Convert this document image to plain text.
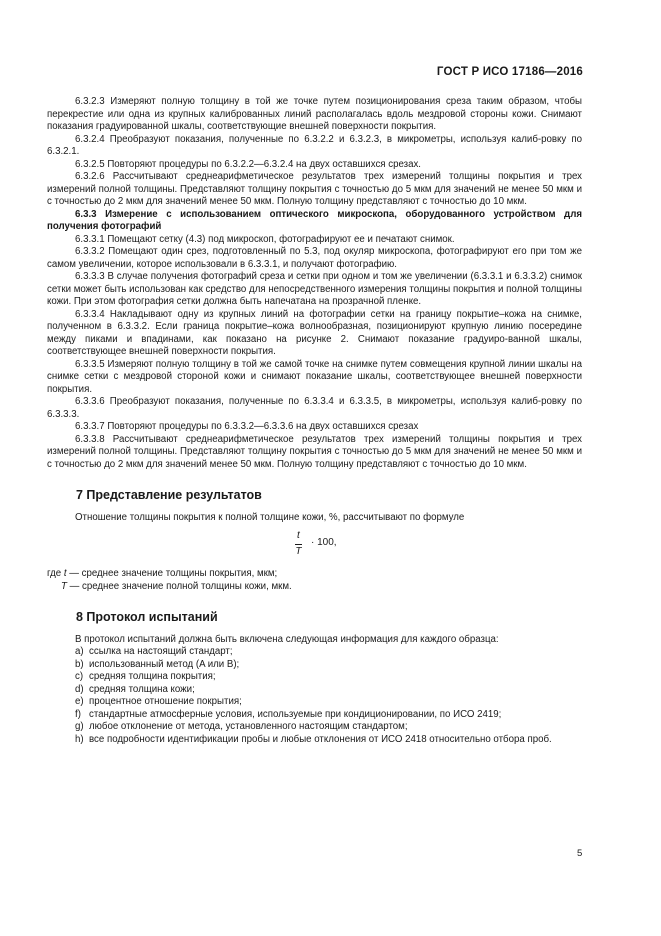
ГОСТ Р ИСО 17186—2016

6.3.2.3 Измеряют полную толщину в той же точке путем позиционирования среза таким образом, чтобы перекрестие или одна из крупных калиброванных линий располагалась вдоль мездровой стороны кожи. Снимают показания градуированной шкалы, соответствующие внешней поверхности покрытия.

6.3.2.4 Преобразуют показания, полученные по 6.3.2.2 и 6.3.2.3, в микрометры, используя калиб-ровку по 6.3.2.1.

6.3.2.5 Повторяют процедуры по 6.3.2.2—6.3.2.4 на двух оставшихся срезах.

6.3.2.6 Рассчитывают среднеарифметическое результатов трех измерений толщины покрытия и трех измерений полной толщины. Представляют толщину покрытия с точностью до 5 мкм для значений не менее 50 мкм и с точностью до 2 мкм для значений менее 50 мкм. Полную толщину представляют с точностью до 10 мкм.

6.3.3 Измерение с использованием оптического микроскопа, оборудованного устройством для получения фотографий

6.3.3.1 Помещают сетку (4.3) под микроскоп, фотографируют ее и печатают снимок.

6.3.3.2 Помещают один срез, подготовленный по 5.3, под окуляр микроскопа, фотографируют его при том же самом увеличении, которое использовали в 6.3.3.1, и получают фотографию.

6.3.3.3 В случае получения фотографий среза и сетки при одном и том же увеличении (6.3.3.1 и 6.3.3.2) снимок сетки может быть использован как средство для непосредственного измерения толщины покрытия и полной толщины кожи. При этом фотография сетки должна быть напечатана на прозрачной пленке.

6.3.3.4 Накладывают одну из крупных линий на фотографии сетки на границу покрытие–кожа на снимке, полученном в 6.3.3.2. Если граница покрытие–кожа волнообразная, позиционируют крупную линию посередине между пиками и впадинами, как показано на рисунке 2. Снимают показание градуиро-ванной шкалы, соответствующее внешней поверхности покрытия.

6.3.3.5 Измеряют полную толщину в той же самой точке на снимке путем совмещения крупной линии шкалы на снимке сетки с мездровой стороной кожи и снимают показание шкалы, соответствующее внешней поверхности покрытия.

6.3.3.6 Преобразуют показания, полученные по 6.3.3.4 и 6.3.3.5, в микрометры, используя калиб-ровку по 6.3.3.3.

6.3.3.7 Повторяют процедуры по 6.3.3.2—6.3.3.6 на двух оставшихся срезах

6.3.3.8 Рассчитывают среднеарифметическое результатов трех измерений толщины покрытия и трех измерений полной толщины. Представляют толщину покрытия с точностью до 5 мкм для значений не менее 50 мкм и с точностью до 2 мкм для значений менее 50 мкм. Полную толщину представляют с точностью до 10 мкм.

7 Представление результатов

Отношение толщины покрытия к полной толщине кожи, %, рассчитывают по формуле

t
T
· 100,

где t — среднее значение толщины покрытия, мкм;

T — среднее значение полной толщины кожи, мкм.

8 Протокол испытаний

В протокол испытаний должна быть включена следующая информация для каждого образца:

a) ссылка на настоящий стандарт;

b) использованный метод (A или B);

c) средняя толщина покрытия;

d) средняя толщина кожи;

e) процентное отношение покрытия;

f) стандартные атмосферные условия, используемые при кондиционировании, по ИСО 2419;

g) любое отклонение от метода, установленного настоящим стандартом;

h) все подробности идентификации пробы и любые отклонения от ИСО 2418 относительно отбора проб.

5
